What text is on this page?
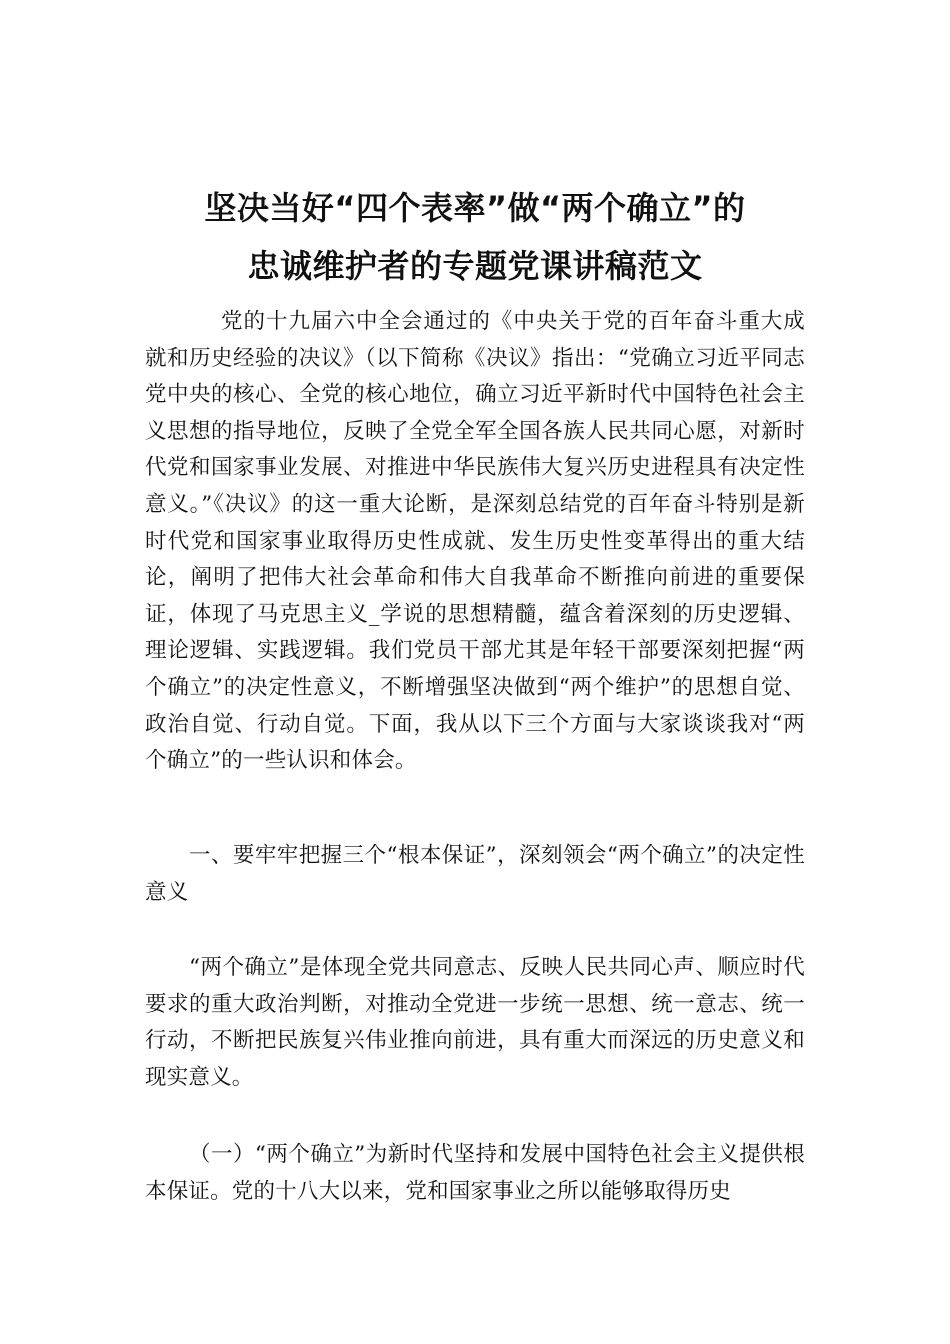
坚决当好“四个表率”做“两个确立”的
忠诚维护者的专题党课讲稿范文
党的十九届六中全会通过的《中央关于党的百年奋斗重大成就和历史经验的决议》（以下简称《决议》指出：“党确立习近平同志党中央的核心、全党的核心地位，确立习近平新时代中国特色社会主义思想的指导地位，反映了全党全军全国各族人民共同心愿，对新时代党和国家事业发展、对推进中华民族伟大复兴历史进程具有决定性意义。”《决议》的这一重大论断，是深刻总结党的百年奋斗特别是新时代党和国家事业取得历史性成就、发生历史性变革得出的重大结论，阐明了把伟大社会革命和伟大自我革命不断推向前进的重要保证，体现了马克思主义_学说的思想精髓，蕴含着深刻的历史逻辑、理论逻辑、实践逻辑。我们党员干部尤其是年轻干部要深刻把握“两个确立”的决定性意义，不断增强坚决做到“两个维护”的思想自觉、政治自觉、行动自觉。下面，我从以下三个方面与大家谈谈我对“两个确立”的一些认识和体会。
一、要牢牢把握三个“根本保证”，深刻领会“两个确立”的决定性意义
“两个确立”是体现全党共同意志、反映人民共同心声、顺应时代要求的重大政治判断，对推动全党进一步统一思想、统一意志、统一行动，不断把民族复兴伟业推向前进，具有重大而深远的历史意义和现实意义。
（一）“两个确立”为新时代坚持和发展中国特色社会主义提供根本保证。党的十八大以来，党和国家事业之所以能够取得历史
